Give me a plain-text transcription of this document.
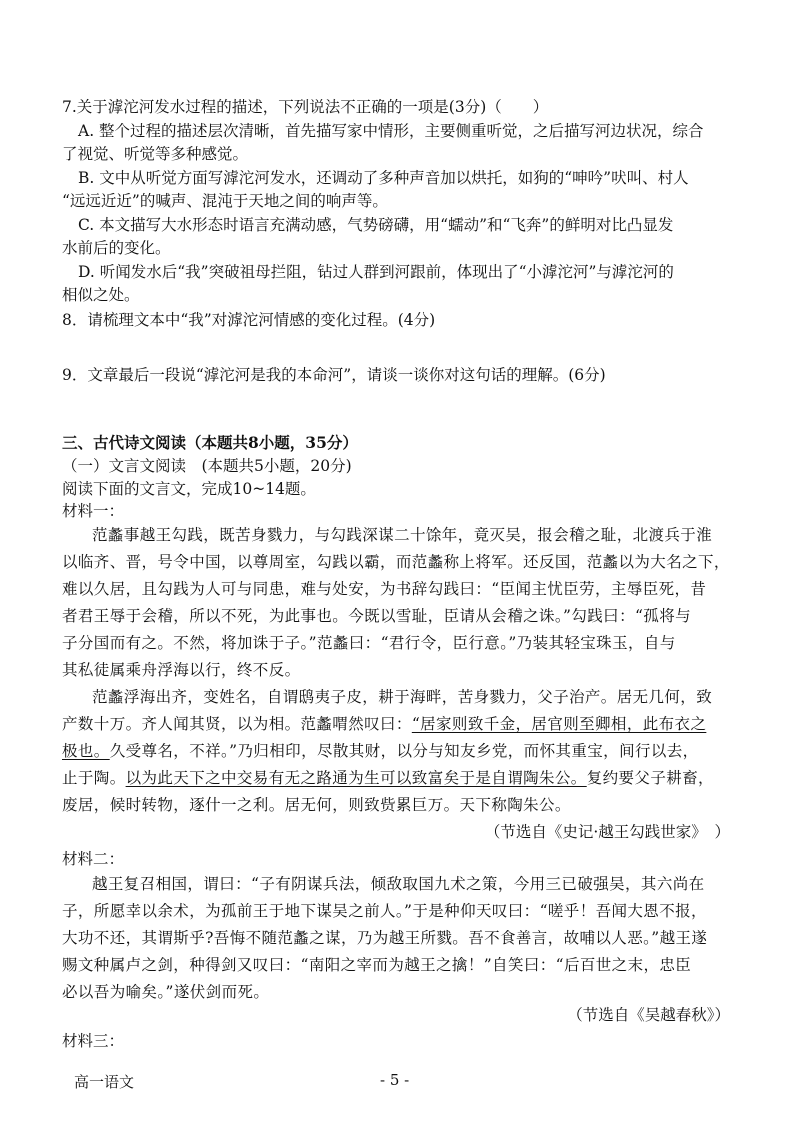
7.关于滹沱河发水过程的描述，下列说法不正确的一项是(3分)（　　）
A. 整个过程的描述层次清晰，首先描写家中情形，主要侧重听觉，之后描写河边状况，综合
了视觉、听觉等多种感觉。
B. 文中从听觉方面写滹沱河发水，还调动了多种声音加以烘托，如狗的“呻吟”吠叫、村人
“远远近近”的喊声、混沌于天地之间的响声等。
C. 本文描写大水形态时语言充满动感，气势磅礴，用“蠕动”和“飞奔”的鲜明对比凸显发
水前后的变化。
D. 听闻发水后“我”突破祖母拦阻，钻过人群到河跟前，体现出了“小滹沱河”与滹沱河的
相似之处。
8．请梳理文本中“我”对滹沱河情感的变化过程。(4分)
9．文章最后一段说“滹沱河是我的本命河”，请谈一谈你对这句话的理解。(6分)
三、古代诗文阅读（本题共8小题，35分）
（一）文言文阅读　(本题共5小题，20分)
阅读下面的文言文，完成10~14题。
材料一：
范蠡事越王勾践，既苦身戮力，与勾践深谋二十馀年，竟灭吴，报会稽之耻，北渡兵于淮
以临齐、晋，号令中国，以尊周室，勾践以霸，而范蠡称上将军。还反国，范蠡以为大名之下，
难以久居，且勾践为人可与同患，难与处安，为书辞勾践曰：“臣闻主忧臣劳，主辱臣死，昔
者君王辱于会稽，所以不死，为此事也。今既以雪耻，臣请从会稽之诛。”勾践曰：“孤将与
子分国而有之。不然，将加诛于子。”范蠡曰：“君行令，臣行意。”乃装其轻宝珠玉，自与
其私徒属乘舟浮海以行，终不反。
范蠡浮海出齐，变姓名，自谓鸱夷子皮，耕于海畔，苦身戮力，父子治产。居无几何，致
产数十万。齐人闻其贤，以为相。范蠡喟然叹曰：“居家则致千金，居官则至卿相，此布衣之
极也。久受尊名，不祥。”乃归相印，尽散其财，以分与知友乡党，而怀其重宝，间行以去，
止于陶。以为此天下之中交易有无之路通为生可以致富矣于是自谓陶朱公。复约要父子耕畜，
废居，候时转物，逐什一之利。居无何，则致赀累巨万。天下称陶朱公。
（节选自《史记·越王勾践世家》　）
材料二：
越王复召相国，谓曰：“子有阴谋兵法，倾敌取国九术之策，今用三已破强吴，其六尚在
子，所愿幸以余术，为孤前王于地下谋吴之前人。”于是种仰天叹曰：“嗟乎！吾闻大恩不报，
大功不还，其谓斯乎?吾悔不随范蠡之谋，乃为越王所戮。吾不食善言，故哺以人恶。”越王遂
赐文种属卢之剑，种得剑又叹曰：“南阳之宰而为越王之擒！”自笑曰：“后百世之末，忠臣
必以吾为喻矣。”遂伏剑而死。
（节选自《吴越春秋》）
材料三：
高一语文	- 5 -
